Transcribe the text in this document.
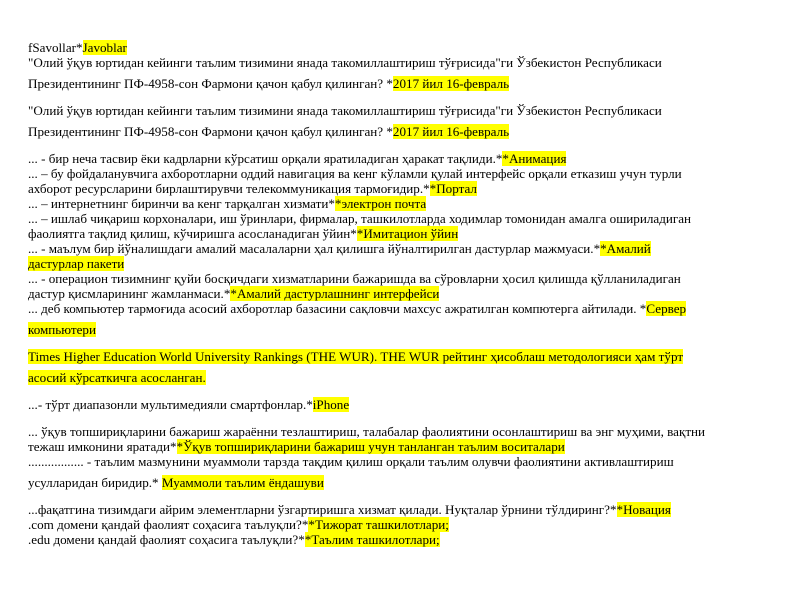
fSavollar*Javoblar
"Олий ўқув юртидан кейинги таълим тизимини янада такомиллаштириш тўғрисида"ги Ўзбекистон Республикаси
Президентининг ПФ-4958-сон Фармони қачон қабул қилинган? *2017 йил 16-февраль
"Олий ўқув юртидан кейинги таълим тизимини янада такомиллаштириш тўғрисида"ги Ўзбекистон Республикаси
Президентининг ПФ-4958-сон Фармони қачон қабул қилинган? *2017 йил 16-февраль
... - бир неча тасвир ёки кадрларни кўрсатиш орқали яратиладиган ҳаракат тақлиди.**Анимация
... – бу фойдаланувчига ахборотларни оддий навигация ва кенг кўламли қулай интерфейс орқали етказиш учун турли
ахборот ресурсларини бирлаштирувчи телекоммуникация тармоғидир.**Портал
... – интернетнинг биринчи ва кенг тарқалган хизмати**электрон почта
... – ишлаб чиқариш корхоналари, иш ўринлари, фирмалар, ташкилотларда ходимлар томонидан амалга ошириладиган
фаолиятга тақлид қилиш, кўчиришга асосланадиган ўйин**Имитацион ўйин
... - маълум бир йўналишдаги амалий масалаларни ҳал қилишга йўналтирилган дастурлар мажмуаси.**Амалий
дастурлар пакети
... - операцион тизимнинг қуйи босқичдаги хизматларини бажаришда ва сўровларни ҳосил қилишда қўлланиладиган
дастур қисмларининг жамланмаси.**Амалий дастурлашнинг интерфейси
... деб компьютер тармоғида асосий ахборотлар базасини сақловчи махсус ажратилган компютерга айтилади. *Сервер
компьютери
Times Higher Education World University Rankings (THE WUR). THE WUR рейтинг ҳисоблаш методологияси ҳам тўрт
асосий кўрсаткичга асосланган.
...- тўрт диапазонли мультимедияли смартфонлар.*iPhone
... ўқув топшириқларини бажариш жараённи тезлаштириш, талабалар фаолиятини осонлаштириш ва энг муҳими, вақтни
тежаш имконини яратади**Ўқув топшириқларини бажариш учун танланган таълим воситалари
................. - таълим мазмунини муаммоли тарзда тақдим қилиш орқали таълим олувчи фаолиятини активлаштириш
усулларидан биридир.* Муаммоли таълим ёндашуви
...фақатгина тизимдаги айрим элементларни ўзгартиришга хизмат қилади. Нуқталар ўрнини тўлдиринг?**Новация
.com домени қандай фаолият соҳасига таълуқли?**Тижорат ташкилотлари;
.edu домени қандай фаолият соҳасига таълуқли?**Таълим ташкилотлари;
